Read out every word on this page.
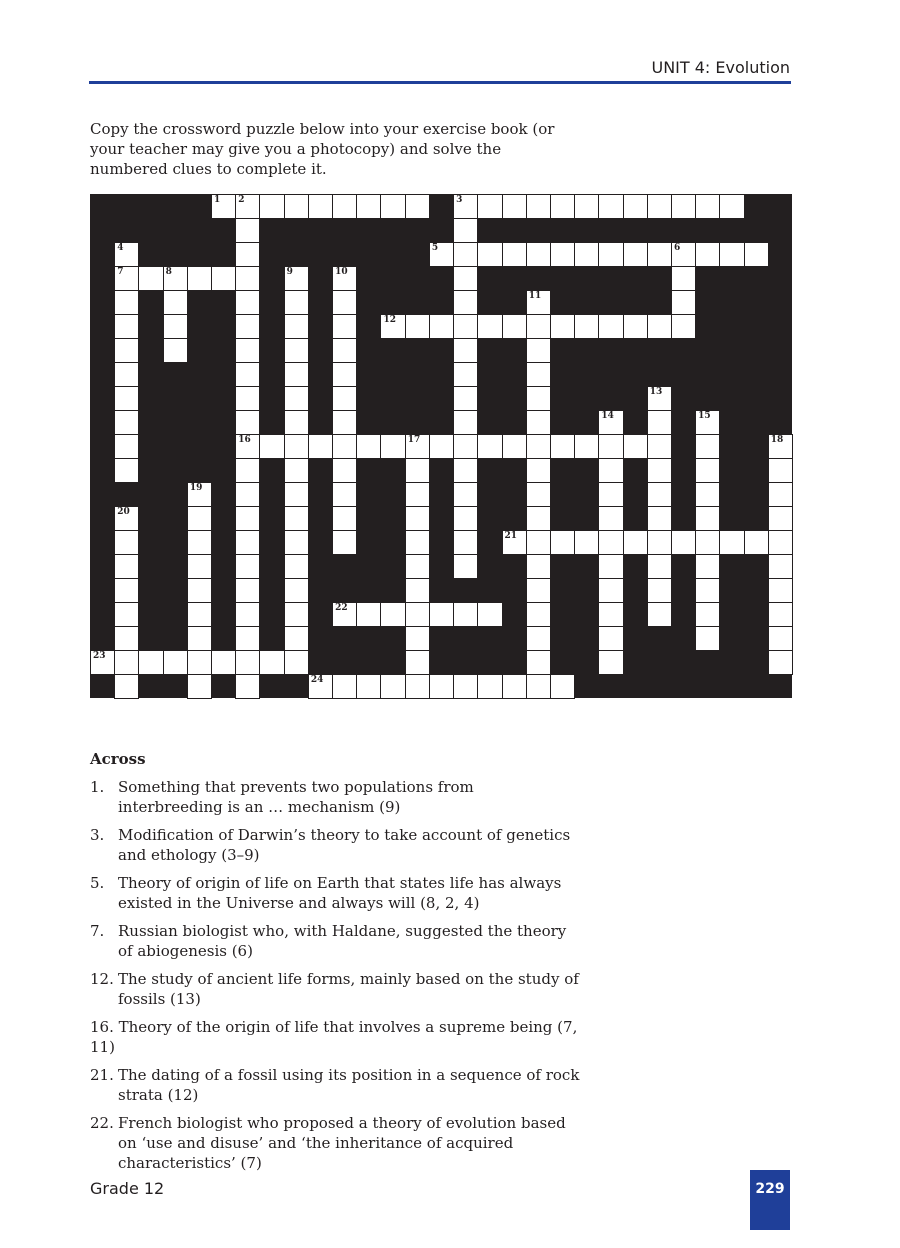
UNIT 4: Evolution
Copy the crossword puzzle below into your exercise book (or your teacher may give you a photocopy) and solve the numbered clues to complete it.
1 2	3
5	6
7	8
12
16	17
21
22
23
24
4
9	10
11
13
14	15
18
19
20
Across
1. Something that prevents two populations from interbreeding is an … mechanism (9)
3. Modification of Darwin’s theory to take account of genetics and ethology (3–9)
5. Theory of origin of life on Earth that states life has always existed in the Universe and always will (8, 2, 4)
7. Russian biologist who, with Haldane, suggested the theory of abiogenesis (6)
12. The study of ancient life forms, mainly based on the study of fossils (13)
16. Theory of the origin of life that involves a supreme being (7, 11)
21. The dating of a fossil using its position in a sequence of rock strata (12)
22. French biologist who proposed a theory of evolution based on ‘use and disuse’ and ‘the inheritance of acquired characteristics’ (7)
Grade 12	229
